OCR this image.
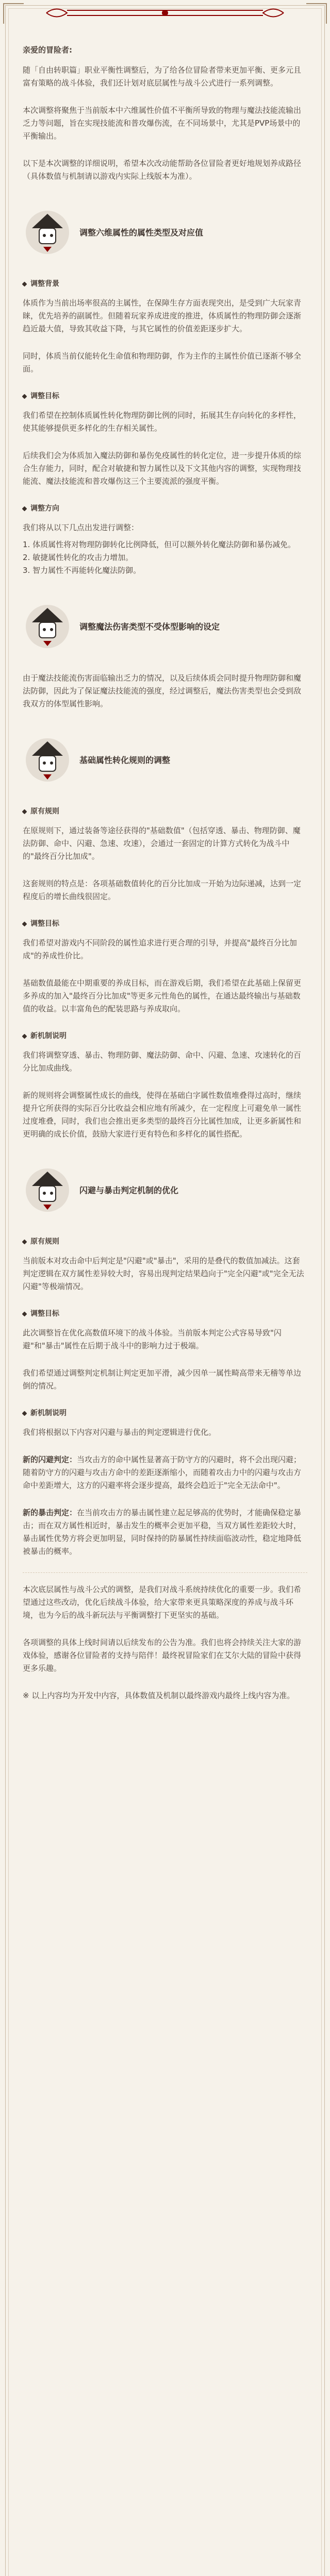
亲爱的冒险者:
随「自由转职篇」职业平衡性调整后，为了给各位冒险者带来更加平衡、更多元且富有策略的战斗体验，我们还计划对底层属性与战斗公式进行一系列调整。
本次调整将聚焦于当前版本中六维属性价值不平衡所导致的物理与魔法技能流输出乏力等问题，旨在实现技能流和普攻爆伤流，在不同场景中，尤其是PVP场景中的平衡输出。
以下是本次调整的详细说明，希望本次改动能帮助各位冒险者更好地规划养成路径（具体数值与机制请以游戏内实际上线版本为准）。
调整六维属性的属性类型及对应值
调整背景
体质作为当前出场率很高的主属性，在保障生存方面表现突出，是受到广大玩家青睐，优先培养的副属性。但随着玩家养成进度的推进，体质属性的物理防御会逐渐趋近最大值，导致其收益下降，与其它属性的价值差距逐步扩大。
同时，体质当前仅能转化生命值和物理防御，作为主作的主属性价值已逐渐不够全面。
调整目标
我们希望在控制体质属性转化物理防御比例的同时，拓展其生存向转化的多样性，使其能够提供更多样化的生存相关属性。
后续我们会为体质加入魔法防御和暴伤免疫属性的转化定位，进一步提升体质的综合生存能力，同时，配合对敏捷和智力属性以及下文其他内容的调整，实现物理技能流、魔法技能流和普攻爆伤这三个主要流派的强度平衡。
调整方向
我们将从以下几点出发进行调整：
1. 体质属性将对物理防御转化比例降低，但可以额外转化魔法防御和暴伤减免。
2. 敏捷属性转化的攻击力增加。
3. 智力属性不再能转化魔法防御。
调整魔法伤害类型不受体型影响的设定
由于魔法技能流伤害面临输出乏力的情况，以及后续体质会同时提升物理防御和魔法防御，因此为了保证魔法技能流的强度，经过调整后，魔法伤害类型也会受到敌我双方的体型属性影响。
基础属性转化规则的调整
原有规则
在原规则下，通过装备等途径获得的"基础数值"（包括穿透、暴击、物理防御、魔法防御、命中、闪避、急速、攻速），会通过一套固定的计算方式转化为战斗中的"最终百分比加成"。
这套规则的特点是：各项基础数值转化的百分比加成一开始为边际递减，达到一定程度后的增长曲线很固定。
调整目标
我们希望对游戏内不同阶段的属性追求进行更合理的引导，并提高"最终百分比加成"的养成性价比。
基础数值最能在中期重要的养成目标，而在游戏后期，我们希望在此基础上保留更多养成的加入"最终百分比加成"等更多元性角色的属性，在通达最终输出与基础数值的收益。以丰富角色的配装思路与养成取向。
新机制说明
我们将调整穿透、暴击、物理防御、魔法防御、命中、闪避、急速、攻速转化的百分比加成曲线。
新的规则将会调整属性成长的曲线，使得在基础白字属性数值堆叠得过高时，继续提升它所获得的实际百分比收益会相应地有所减少，在一定程度上可避免单一属性过度堆叠，同时，我们也会推出更多类型的最终百分比属性加成，让更多新属性和更明确的成长价值，鼓励大家进行更有特色和多样化的属性搭配。
闪避与暴击判定机制的优化
原有规则
当前版本对攻击命中后判定是"闪避"或"暴击"，采用的是叠代的数值加减法。这套判定逻辑在双方属性差异较大时，容易出现判定结果趋向于"完全闪避"或"完全无法闪避"等极端情况。
调整目标
此次调整旨在优化高数值环境下的战斗体验。当前版本判定公式容易导致"闪避"和"暴击"属性在后期于战斗中的影响力过于极端。
我们希望通过调整判定机制让判定更加平滑，减少因单一属性畸高带来无稽等单边倒的情况。
新机制说明
我们将根据以下内容对闪避与暴击的判定逻辑进行优化。
新的闪避判定：当攻击方的命中属性显著高于防守方的闪避时，将不会出现闪避；随着防守方的闪避与攻击方命中的差距逐渐缩小，而随着攻击力中的闪避与攻击方命中差距增大，这方的闪避率将会逐步提高，最终会趋近于"完全无法命中"。
新的暴击判定：在当前攻击方的暴击属性建立起足够高的优势时，才能确保稳定暴击；而在双方属性相近时，暴击发生的概率会更加平稳，当双方属性差距较大时，暴击属性优势方将会更加明显，同时保持的防暴属性持续面临波动性，稳定地降低被暴击的概率。
本次底层属性与战斗公式的调整，是我们对战斗系统持续优化的重要一步。我们希望通过这些改动，优化后续战斗体验，给大家带来更具策略深度的养成与战斗环境，也为今后的战斗新玩法与平衡调整打下更坚实的基础。
各项调整的具体上线时间请以后续发布的公告为准。我们也将会持续关注大家的游戏体验，感谢各位冒险者的支持与陪伴！最终祝冒险家们在艾尔大陆的冒险中获得更多乐趣。
※ 以上内容均为开发中内容，具体数值及机制以最终游戏内最终上线内容为准。
